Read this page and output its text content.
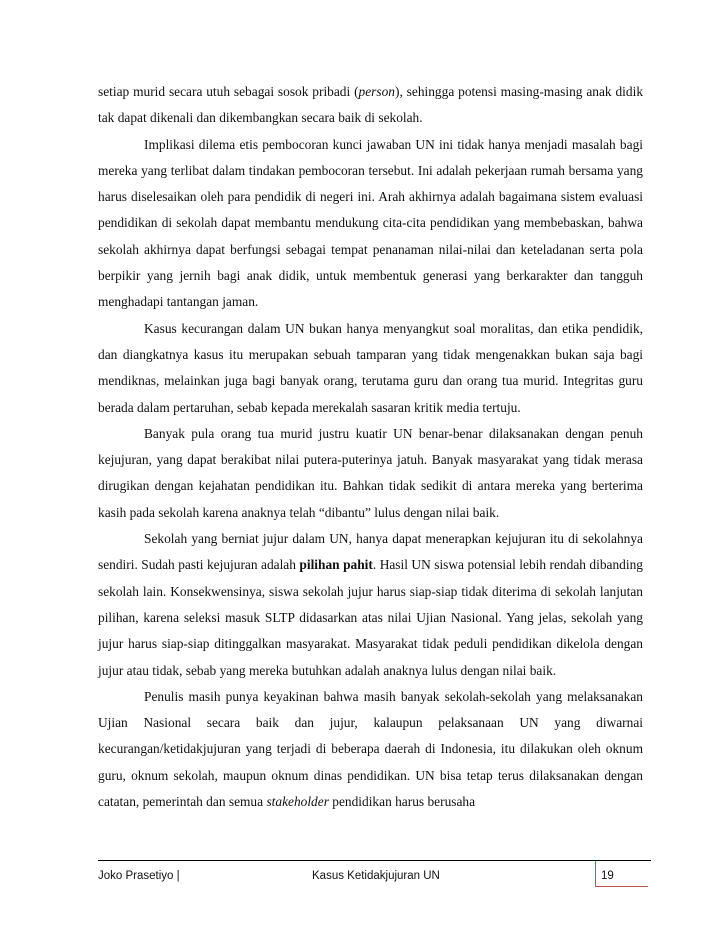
setiap murid secara utuh sebagai sosok pribadi (person), sehingga potensi masing-masing anak didik tak dapat dikenali dan dikembangkan secara baik di sekolah.

Implikasi dilema etis pembocoran kunci jawaban UN ini tidak hanya menjadi masalah bagi mereka yang terlibat dalam tindakan pembocoran tersebut. Ini adalah pekerjaan rumah bersama yang harus diselesaikan oleh para pendidik di negeri ini. Arah akhirnya adalah bagaimana sistem evaluasi pendidikan di sekolah dapat membantu mendukung cita-cita pendidikan yang membebaskan, bahwa sekolah akhirnya dapat berfungsi sebagai tempat penanaman nilai-nilai dan keteladanan serta pola berpikir yang jernih bagi anak didik, untuk membentuk generasi yang berkarakter dan tangguh menghadapi tantangan jaman.

Kasus kecurangan dalam UN bukan hanya menyangkut soal moralitas, dan etika pendidik, dan diangkatnya kasus itu merupakan sebuah tamparan yang tidak mengenakkan bukan saja bagi mendiknas, melainkan juga bagi banyak orang, terutama guru dan orang tua murid. Integritas guru berada dalam pertaruhan, sebab kepada merekalah sasaran kritik media tertuju.

Banyak pula orang tua murid justru kuatir UN benar-benar dilaksanakan dengan penuh kejujuran, yang dapat berakibat nilai putera-puterinya jatuh. Banyak masyarakat yang tidak merasa dirugikan dengan kejahatan pendidikan itu. Bahkan tidak sedikit di antara mereka yang berterima kasih pada sekolah karena anaknya telah “dibantu” lulus dengan nilai baik.

Sekolah yang berniat jujur dalam UN, hanya dapat menerapkan kejujuran itu di sekolahnya sendiri. Sudah pasti kejujuran adalah pilihan pahit. Hasil UN siswa potensial lebih rendah dibanding sekolah lain. Konsekwensinya, siswa sekolah jujur harus siap-siap tidak diterima di sekolah lanjutan pilihan, karena seleksi masuk SLTP didasarkan atas nilai Ujian Nasional. Yang jelas, sekolah yang jujur harus siap-siap ditinggalkan masyarakat. Masyarakat tidak peduli pendidikan dikelola dengan jujur atau tidak, sebab yang mereka butuhkan adalah anaknya lulus dengan nilai baik.

Penulis masih punya keyakinan bahwa masih banyak sekolah-sekolah yang melaksanakan Ujian Nasional secara baik dan jujur, kalaupun pelaksanaan UN yang diwarnai kecurangan/ketidakjujuran yang terjadi di beberapa daerah di Indonesia, itu dilakukan oleh oknum guru, oknum sekolah, maupun oknum dinas pendidikan. UN bisa tetap terus dilaksanakan dengan catatan, pemerintah dan semua stakeholder pendidikan harus berusaha

Joko Prasetiyo |	Kasus Ketidakjujuran UN	19
